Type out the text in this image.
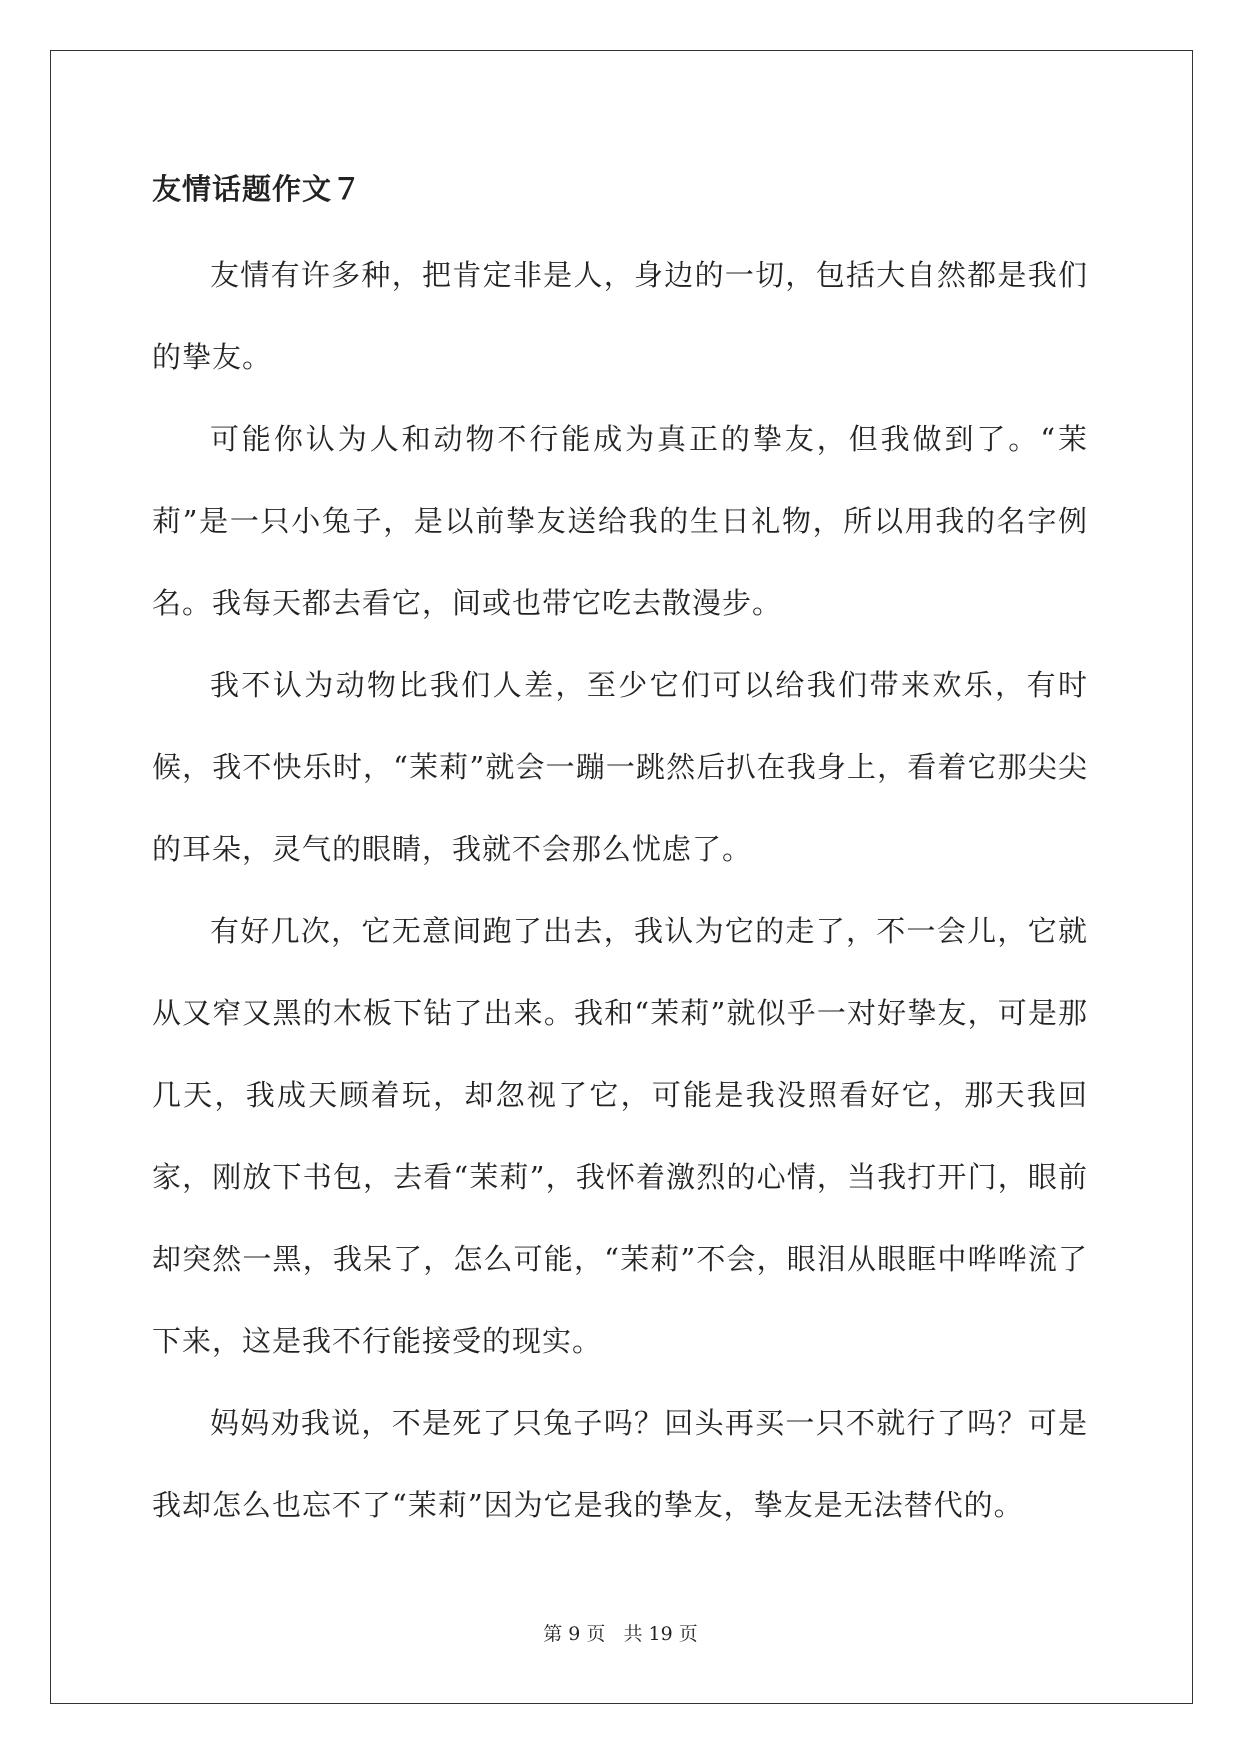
友情话题作文７

友情有许多种，把肯定非是人，身边的一切，包括大自然都是我们的挚友。

可能你认为人和动物不行能成为真正的挚友，但我做到了。“茉莉”是一只小兔子，是以前挚友送给我的生日礼物，所以用我的名字例名。我每天都去看它，间或也带它吃去散漫步。

我不认为动物比我们人差，至少它们可以给我们带来欢乐，有时候，我不快乐时，“茉莉”就会一蹦一跳然后扒在我身上，看着它那尖尖的耳朵，灵气的眼睛，我就不会那么忧虑了。

有好几次，它无意间跑了出去，我认为它的走了，不一会儿，它就从又窄又黑的木板下钻了出来。我和“茉莉”就似乎一对好挚友，可是那几天，我成天顾着玩，却忽视了它，可能是我没照看好它，那天我回家，刚放下书包，去看“茉莉”，我怀着激烈的心情，当我打开门，眼前却突然一黑，我呆了，怎么可能，“茉莉”不会，眼泪从眼眶中哗哗流了下来，这是我不行能接受的现实。

妈妈劝我说，不是死了只兔子吗？回头再买一只不就行了吗？可是我却怎么也忘不了“茉莉”因为它是我的挚友，挚友是无法替代的。

第 9 页   共 19 页
